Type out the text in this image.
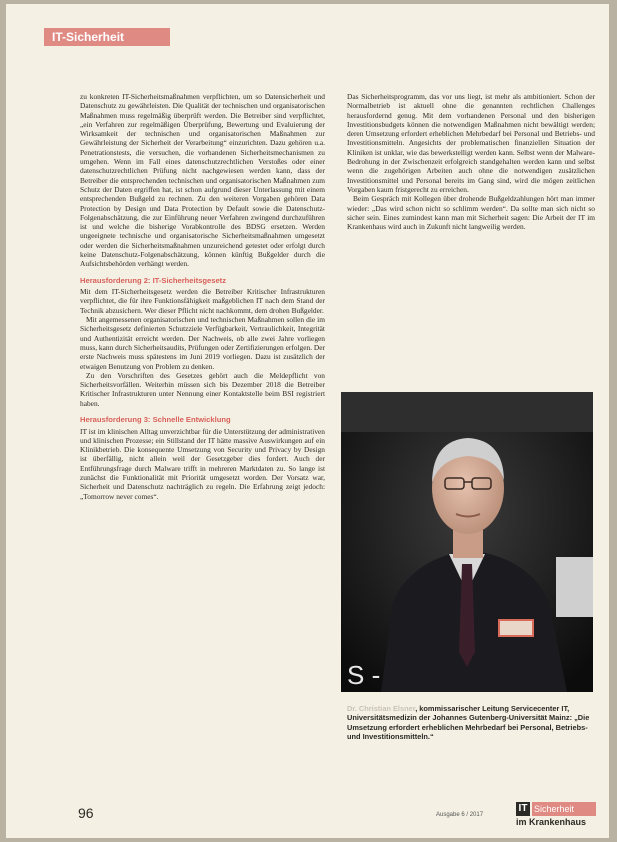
IT-Sicherheit

zu konkreten IT-Sicherheitsmaßnahmen verpflichten, um so Datensicherheit und Datenschutz zu gewährleisten. Die Qualität der technischen und organisatorischen Maßnahmen muss regelmäßig überprüft werden. Die Betreiber sind verpflichtet, „ein Verfahren zur regelmäßigen Überprüfung, Bewertung und Evaluierung der Wirksamkeit der technischen und organisatorischen Maßnahmen zur Gewährleistung der Sicherheit der Verarbeitung“ einzurichten. Dazu gehören u.a. Penetrationstests, die versuchen, die vorhandenen Sicherheitsmechanismen zu umgehen. Wenn im Fall eines datenschutzrechtlichen Verstoßes oder einer datenschutzrechtlichen Prüfung nicht nachgewiesen werden kann, dass der Betreiber die entsprechenden technischen und organisatorischen Maßnahmen zum Schutz der Daten ergriffen hat, ist schon aufgrund dieser Unterlassung mit einem entsprechenden Bußgeld zu rechnen. Zu den weiteren Vorgaben gehören Data Protection by Design und Data Protection by Default sowie die Datenschutz-Folgenabschätzung, die zur Einführung neuer Verfahren zwingend durchzuführen ist und welche die bisherige Vorabkontrolle des BDSG ersetzen. Werden ungeeignete technische und organisatorische Sicherheitsmaßnahmen umgesetzt oder werden die Sicherheitsmaßnahmen unzureichend getestet oder erfolgt durch keine Datenschutz-Folgenabschätzung, können künftig Bußgelder durch die Aufsichtsbehörden verhängt werden.

Herausforderung 2: IT-Sicherheitsgesetz

Mit dem IT-Sicherheitsgesetz werden die Betreiber Kritischer Infrastrukturen verpflichtet, die für ihre Funktionsfähigkeit maßgeblichen IT nach dem Stand der Technik abzusichern. Wer dieser Pflicht nicht nachkommt, dem drohen Bußgelder.

Mit angemessenen organisatorischen und technischen Maßnahmen sollen die im Sicherheitsgesetz definierten Schutzziele Verfügbarkeit, Vertraulichkeit, Integrität und Authentizität erreicht werden. Der Nachweis, ob alle zwei Jahre vorliegen muss, kann durch Sicherheitsaudits, Prüfungen oder Zertifizierungen erfolgen. Der erste Nachweis muss spätestens im Juni 2019 vorliegen. Dazu ist zusätzlich der etwaigen Benutzung von Problem zu denken.

Zu den Vorschriften des Gesetzes gehört auch die Meldepflicht von Sicherheitsvorfällen. Weiterhin müssen sich bis Dezember 2018 die Betreiber Kritischer Infrastrukturen unter Nennung einer Kontaktstelle beim BSI registriert haben.

Herausforderung 3: Schnelle Entwicklung

IT ist im klinischen Alltag unverzichtbar für die Unterstützung der administrativen und klinischen Prozesse; ein Stillstand der IT hätte massive Auswirkungen auf ein Klinikbetrieb. Die konsequente Umsetzung von Security und Privacy by Design ist überfällig, nicht allein weil der Gesetzgeber dies fordert. Auch der Entführungsfrage durch Malware trifft in mehreren Marktdaten zu. So lange ist zunächst die Funktionalität mit Priorität umgesetzt worden. Der Vorsatz war, Sicherheit und Datenschutz nachträglich zu regeln. Die Erfahrung zeigt jedoch: „Tomorrow never comes“.

Das Sicherheitsprogramm, das vor uns liegt, ist mehr als ambitioniert. Schon der Normalbetrieb ist aktuell ohne die genannten rechtlichen Challenges herausfordernd genug. Mit dem vorhandenen Personal und den bisherigen Investitionsbudgets können die notwendigen Maßnahmen nicht bewältigt werden; deren Umsetzung erfordert erheblichen Mehrbedarf bei Personal und Betriebs- und Investitionsmitteln. Angesichts der problematischen finanziellen Situation der Kliniken ist unklar, wie das bewerkstelligt werden kann. Selbst wenn der Malware-Bedrohung in der Zwischenzeit erfolgreich standgehalten werden kann und selbst wenn die zugehörigen Arbeiten auch ohne die notwendigen zusätzlichen Investitionsmittel und Personal bereits im Gang sind, wird die mögen zeitlichen Vorgaben kaum fristgerecht zu erreichen.

Beim Gespräch mit Kollegen über drohende Bußgeldzahlungen hört man immer wieder: „Das wird schon nicht so schlimm werden“. Da sollte man sich nicht so sicher sein. Eines zumindest kann man mit Sicherheit sagen: Die Arbeit der IT im Krankenhaus wird auch in Zukunft nicht langweilig werden.

S -
Dr. Christian Elsner, kommissarischer Leitung Servicecenter IT, Universitätsmedizin der Johannes Gutenberg-Universität Mainz: „Die Umsetzung erfordert erheblichen Mehrbedarf bei Personal, Betriebs- und Investitionsmitteln.“
96	Ausgabe 6 / 2017
IT Sicherheit
im Krankenhaus
